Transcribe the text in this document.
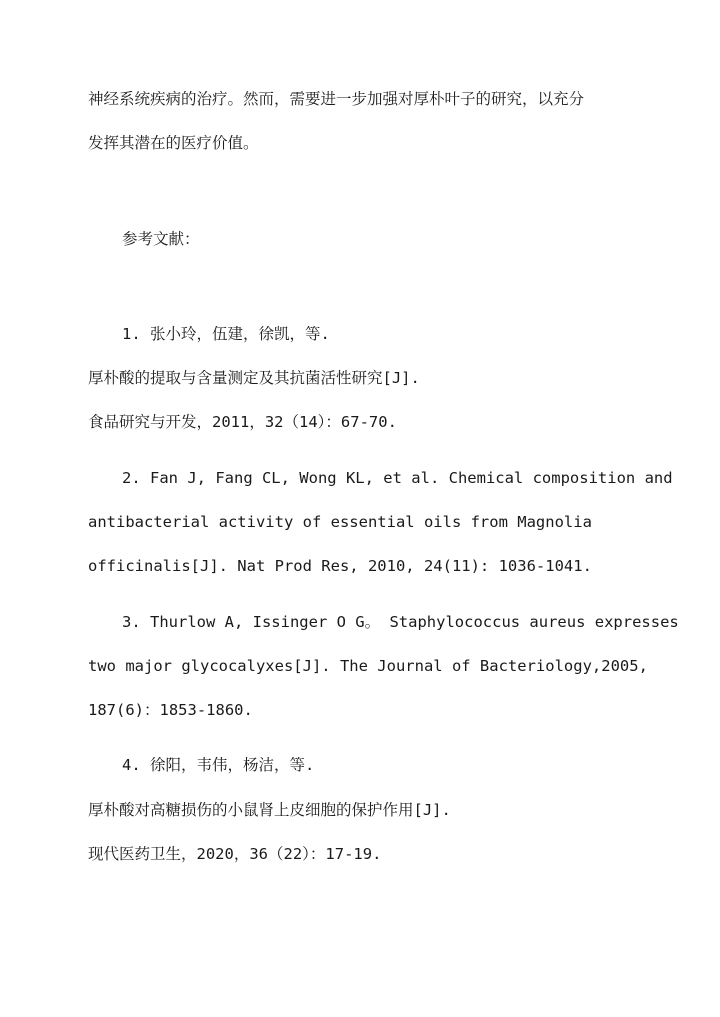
神经系统疾病的治疗。然而，需要进一步加强对厚朴叶子的研究，以充分
发挥其潜在的医疗价值。
参考文献：
1. 张小玲，伍建，徐凯，等.
厚朴酸的提取与含量测定及其抗菌活性研究[J].
食品研究与开发，2011，32（14）：67-70.
2. Fan J, Fang CL, Wong KL, et al. Chemical composition and
antibacterial activity of essential oils from Magnolia
officinalis[J]. Nat Prod Res, 2010, 24(11): 1036-1041.
3. Thurlow A, Issinger O G。 Staphylococcus aureus expresses
two major glycocalyxes[J]. The Journal of Bacteriology,2005,
187(6)：1853-1860.
4. 徐阳，韦伟，杨洁，等.
厚朴酸对高糖损伤的小鼠肾上皮细胞的保护作用[J].
现代医药卫生，2020，36（22）：17-19.
